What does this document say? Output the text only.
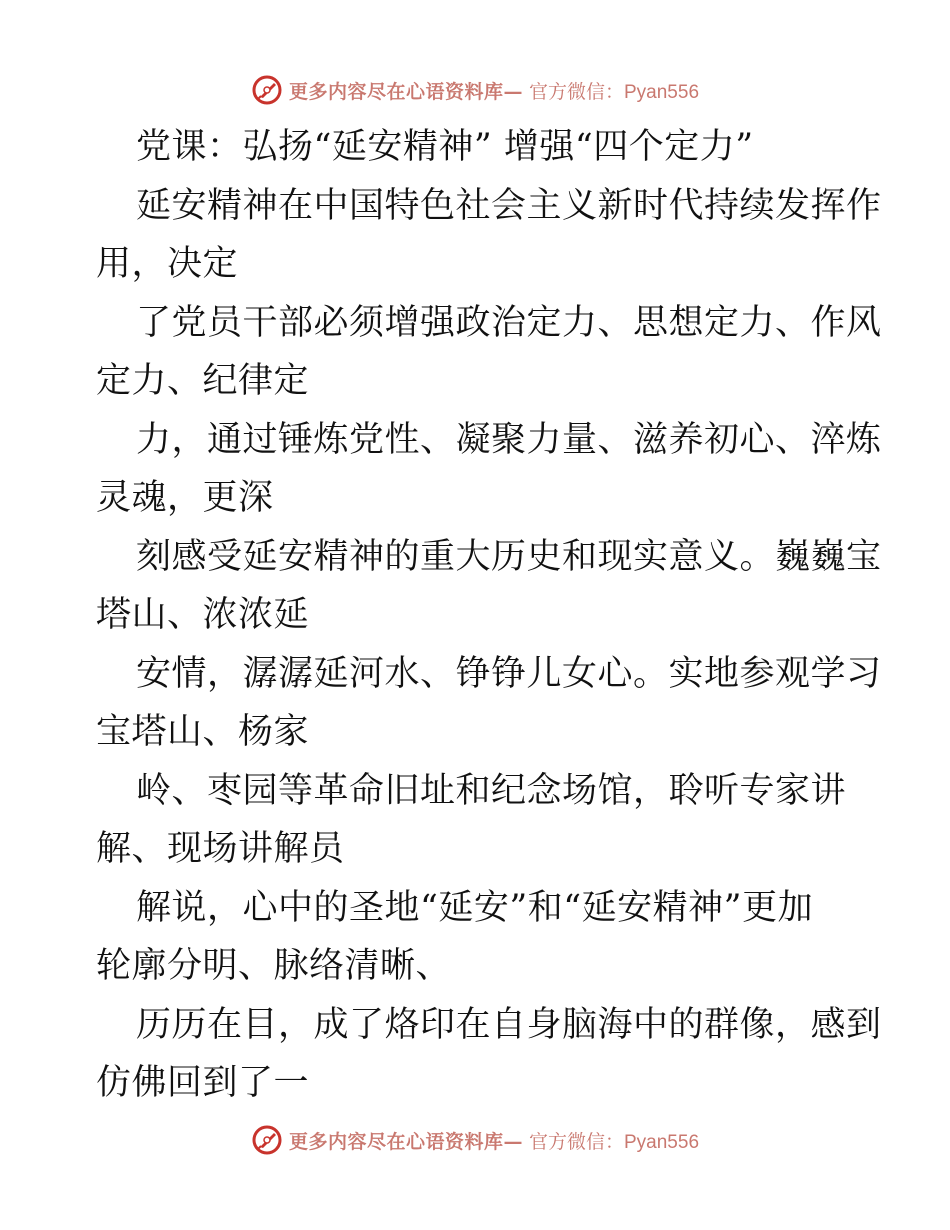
更多内容尽在心语资料库— 官方微信：Pyan556
党课：弘扬“延安精神” 增强“四个定力”
延安精神在中国特色社会主义新时代持续发挥作
用，决定
了党员干部必须增强政治定力、思想定力、作风
定力、纪律定
力，通过锤炼党性、凝聚力量、滋养初心、淬炼
灵魂，更深
刻感受延安精神的重大历史和现实意义。巍巍宝
塔山、浓浓延
安情，潺潺延河水、铮铮儿女心。实地参观学习
宝塔山、杨家
岭、枣园等革命旧址和纪念场馆，聆听专家讲
解、现场讲解员
解说，心中的圣地“延安”和“延安精神”更加
轮廓分明、脉络清晰、
历历在目，成了烙印在自身脑海中的群像，感到
仿佛回到了一
更多内容尽在心语资料库— 官方微信：Pyan556
